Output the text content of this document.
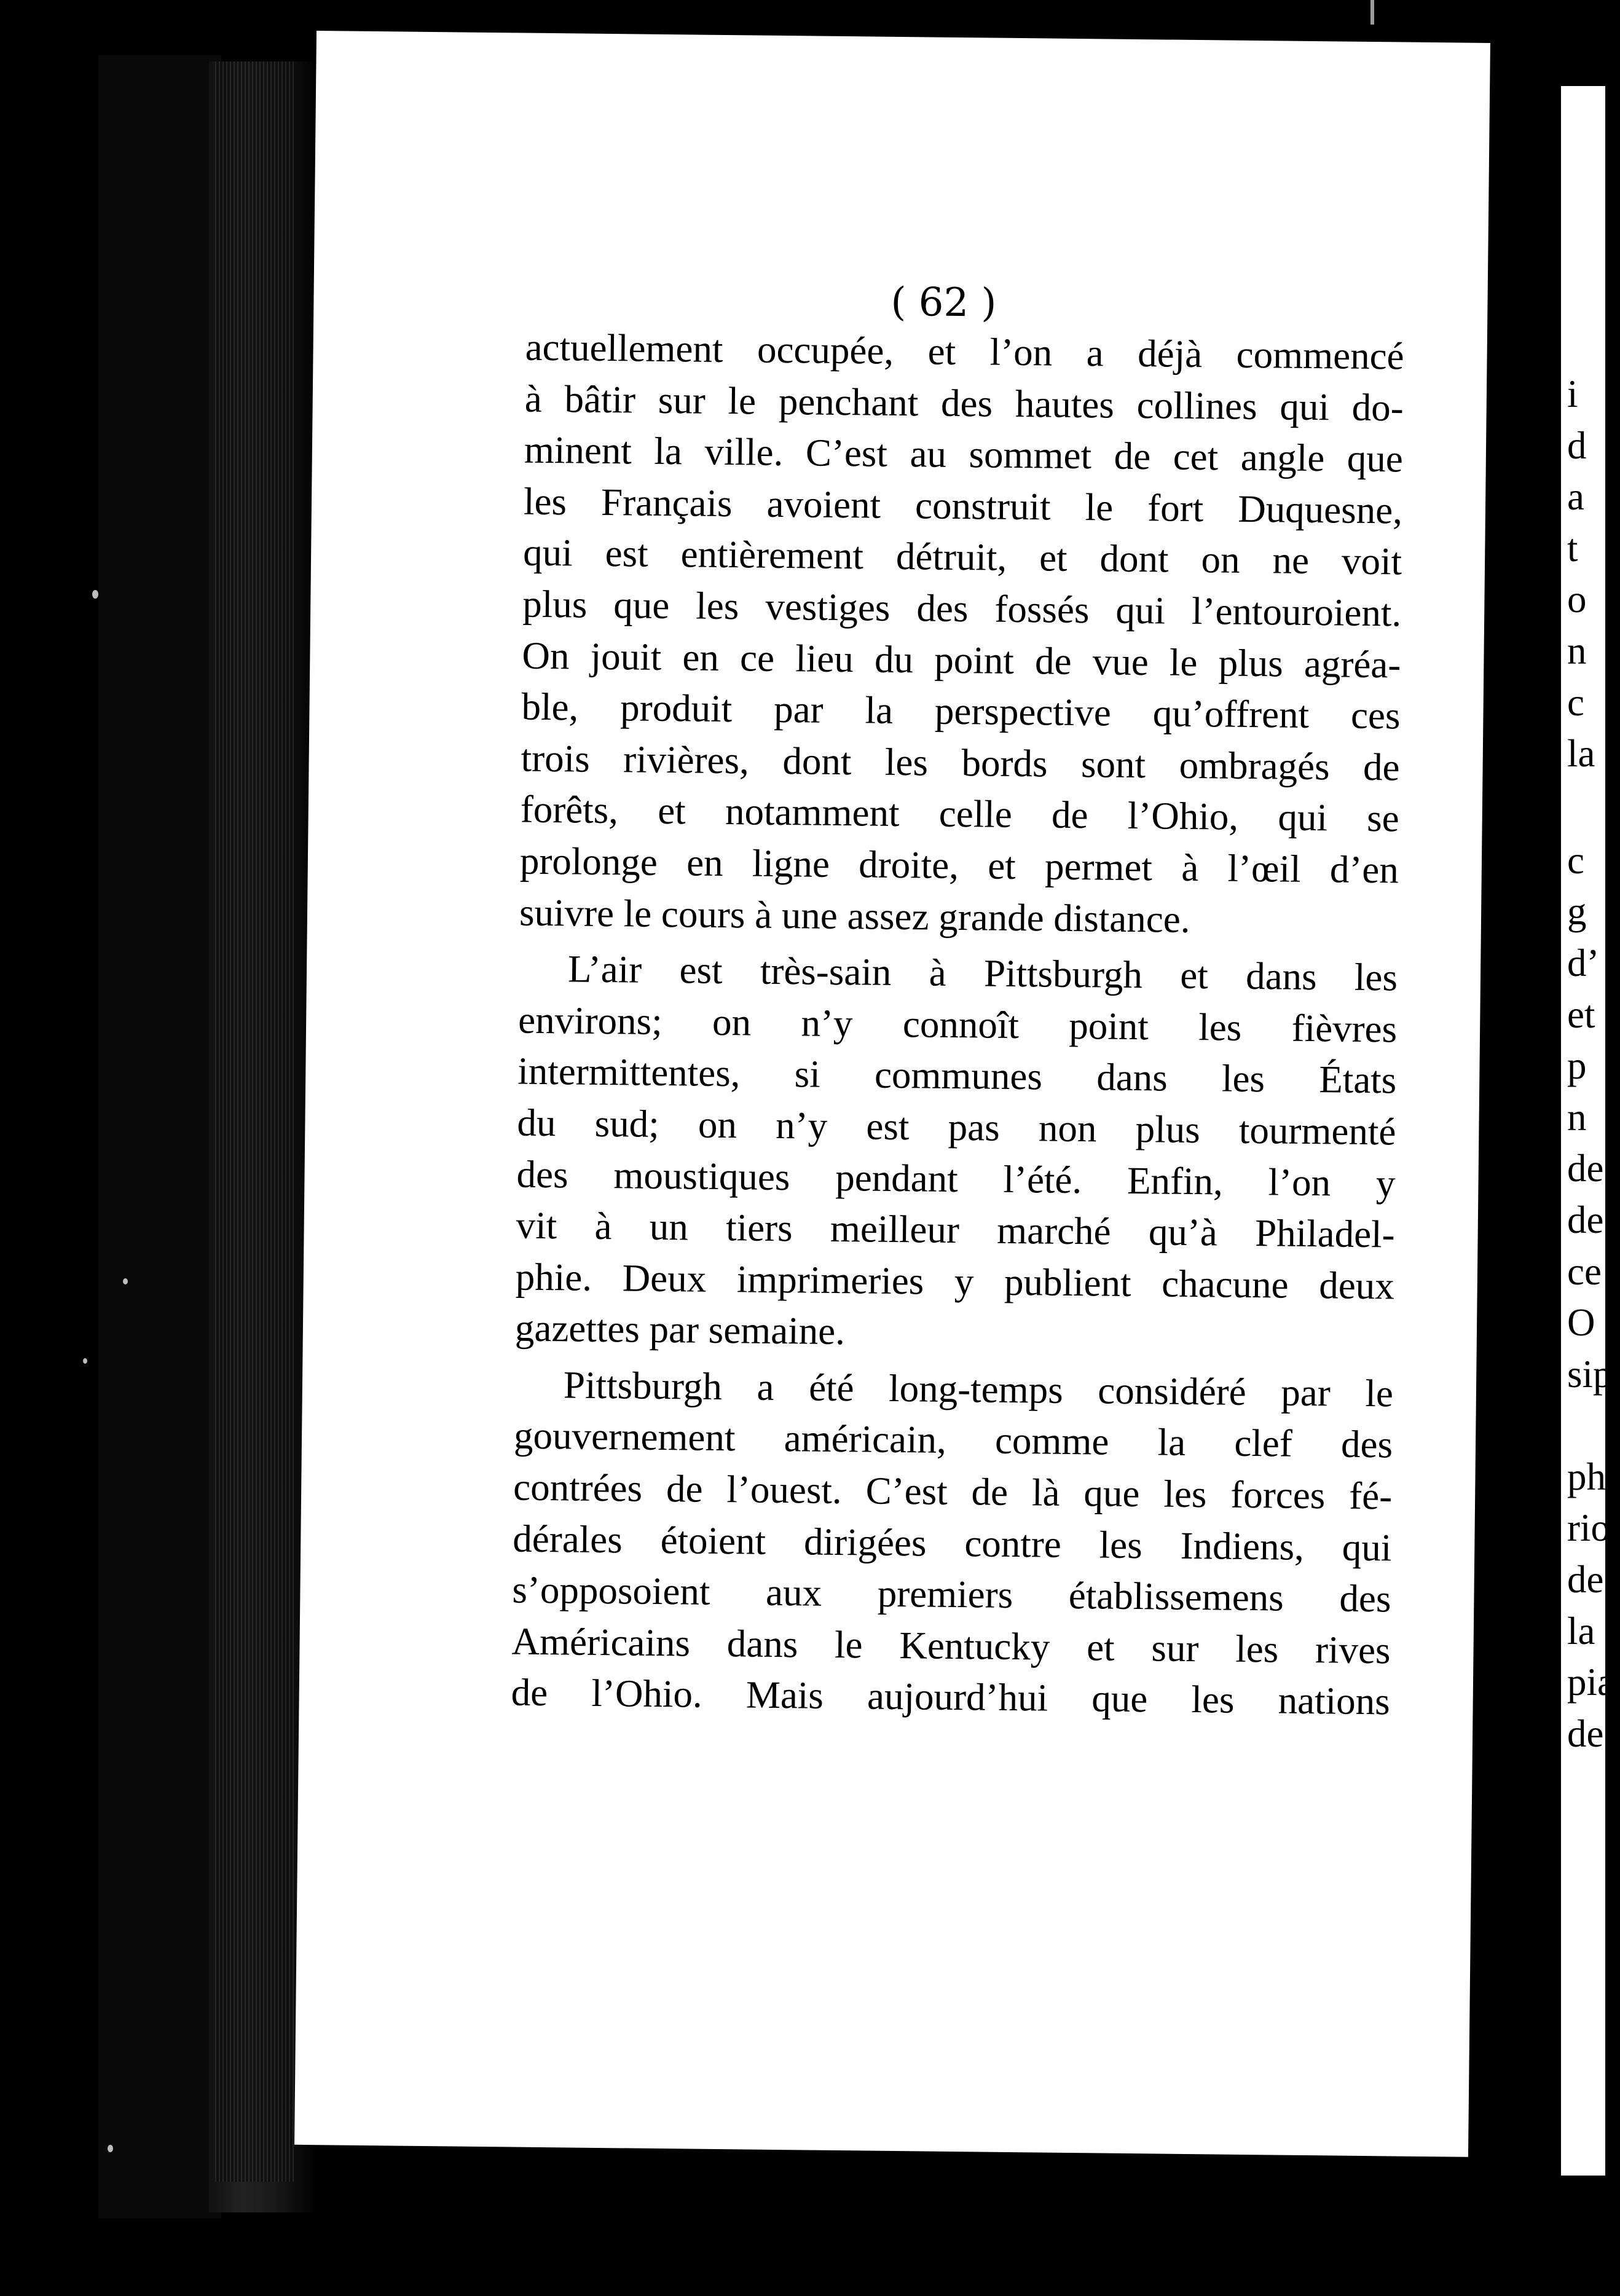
( 62 )
actuellement occupée, et l’on a déjà commencé
à bâtir sur le penchant des hautes collines qui do-
minent la ville. C’est au sommet de cet angle que
les Français avoient construit le fort Duquesne,
qui est entièrement détruit, et dont on ne voit
plus que les vestiges des fossés qui l’entouroient.
On jouit en ce lieu du point de vue le plus agréa-
ble, produit par la perspective qu’offrent ces
trois rivières, dont les bords sont ombragés de
forêts, et notamment celle de l’Ohio, qui se
prolonge en ligne droite, et permet à l’œil d’en
suivre le cours à une assez grande distance.
L’air est très-sain à Pittsburgh et dans les
environs; on n’y connoît point les fièvres
intermittentes, si communes dans les États
du sud; on n’y est pas non plus tourmenté
des moustiques pendant l’été. Enfin, l’on y
vit à un tiers meilleur marché qu’à Philadel-
phie. Deux imprimeries y publient chacune deux
gazettes par semaine.
Pittsburgh a été long-temps considéré par le
gouvernement américain, comme la clef des
contrées de l’ouest. C’est de là que les forces fé-
dérales étoient dirigées contre les Indiens, qui
s’opposoient aux premiers établissemens des
Américains dans le Kentucky et sur les rives
de l’Ohio. Mais aujourd’hui que les nations
i
d
a
t
o
n
c
la
c
g
d’
et
p
n
de
de
ce
O
sip
ph
rio
de
la s
pia
de
